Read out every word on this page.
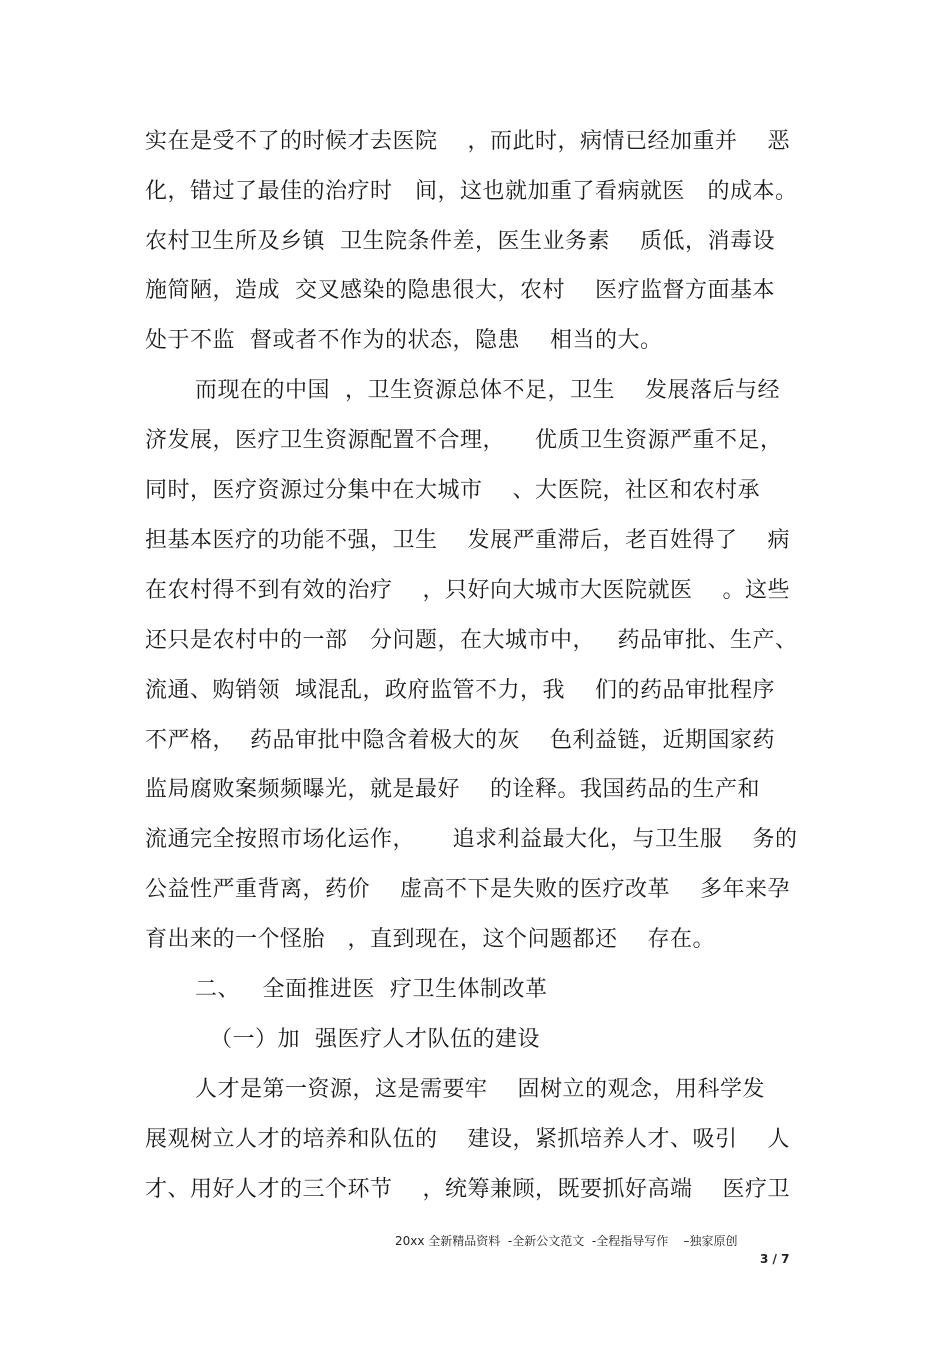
实在是受不了的时候才去医院    ，而此时，病情已经加重并    恶
化，错过了最佳的治疗时   间，这也就加重了看病就医   的成本。
农村卫生所及乡镇  卫生院条件差，医生业务素    质低，消毒设
施简陋，造成  交叉感染的隐患很大，农村    医疗监督方面基本
处于不监  督或者不作为的状态，隐患    相当的大。
而现在的中国  ，卫生资源总体不足，卫生    发展落后与经
济发展，医疗卫生资源配置不合理，    优质卫生资源严重不足，
同时，医疗资源过分集中在大城市    、大医院，社区和农村承
担基本医疗的功能不强，卫生    发展严重滞后，老百姓得了    病
在农村得不到有效的治疗    ，只好向大城市大医院就医    。这些
还只是农村中的一部   分问题，在大城市中，   药品审批、生产、
流通、购销领  域混乱，政府监管不力，我    们的药品审批程序
不严格，  药品审批中隐含着极大的灰    色利益链，近期国家药
监局腐败案频频曝光，就是最好    的诠释。我国药品的生产和
流通完全按照市场化运作，     追求利益最大化，与卫生服    务的
公益性严重背离，药价    虚高不下是失败的医疗改革    多年来孕
育出来的一个怪胎   ，直到现在，这个问题都还    存在。
二、   全面推进医  疗卫生体制改革
（一）加  强医疗人才队伍的建设
人才是第一资源，这是需要牢    固树立的观念，用科学发
展观树立人才的培养和队伍的    建设，紧抓培养人才、吸引    人
才、用好人才的三个环节    ，统筹兼顾，既要抓好高端    医疗卫
20xx 全新精品资料  -全新公文范文  -全程指导写作    –独家原创
3 / 7
